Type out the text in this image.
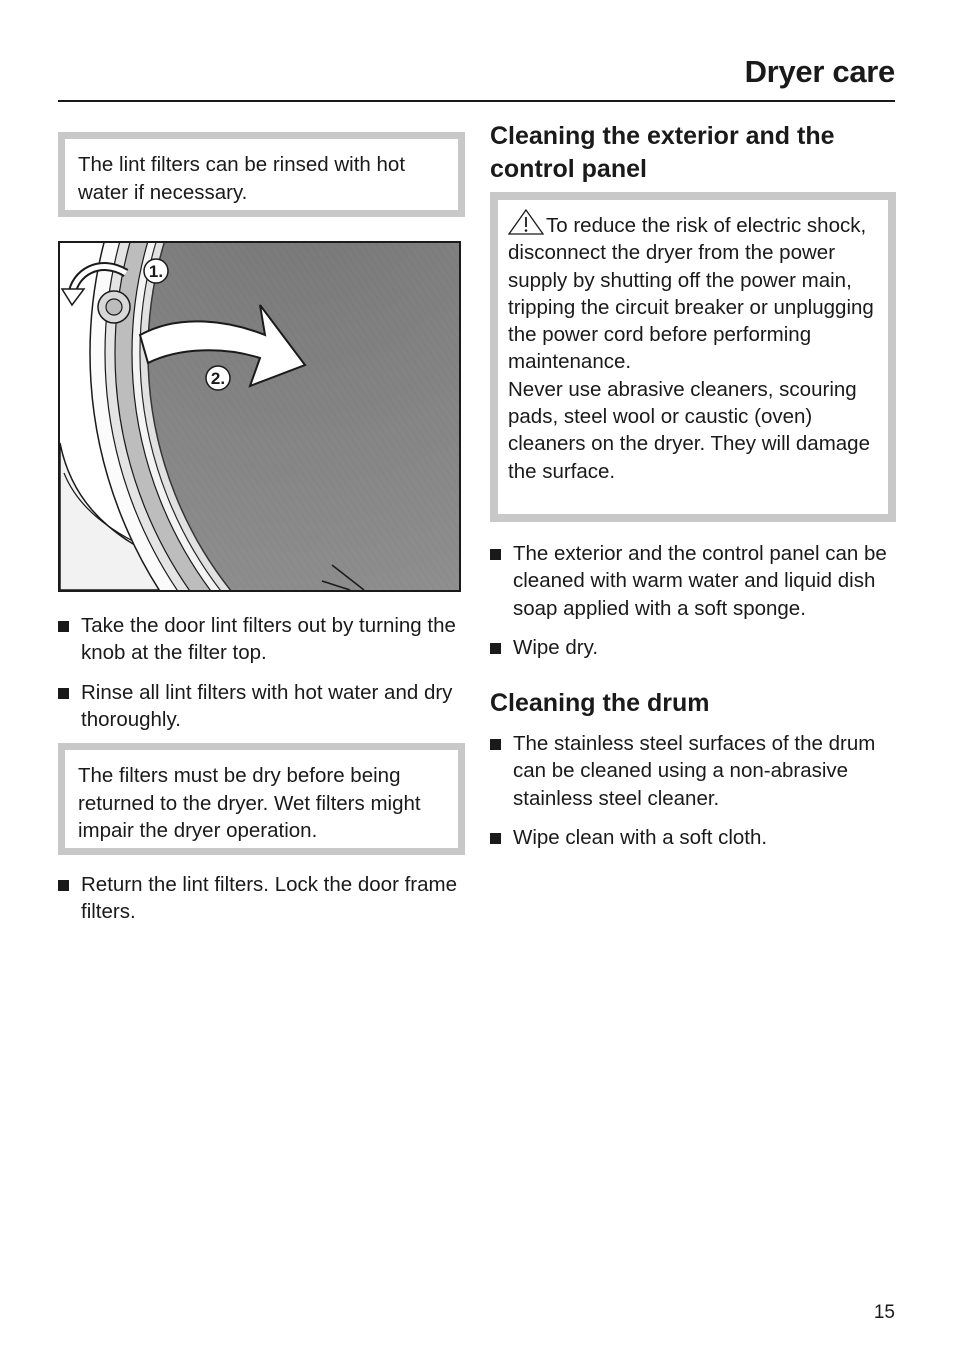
Dryer care
The lint filters can be rinsed with hot water if necessary.
1.
2.
Take the door lint filters out by turning the knob at the filter top.
Rinse all lint filters with hot water and dry thoroughly.
The filters must be dry before being returned to the dryer. Wet filters might impair the dryer operation.
Return the lint filters. Lock the door frame filters.
Cleaning the exterior and the control panel

To reduce the risk of electric shock, disconnect the dryer from the power supply by shutting off the power main, tripping the circuit breaker or unplugging the power cord before performing maintenance.

Never use abrasive cleaners, scouring pads, steel wool or caustic (oven) cleaners on the dryer. They will damage the surface.

The exterior and the control panel can be cleaned with warm water and liquid dish soap applied with a soft sponge.
Wipe dry.
Cleaning the drum
The stainless steel surfaces of the drum can be cleaned using a non-abrasive stainless steel cleaner.
Wipe clean with a soft cloth.
15
